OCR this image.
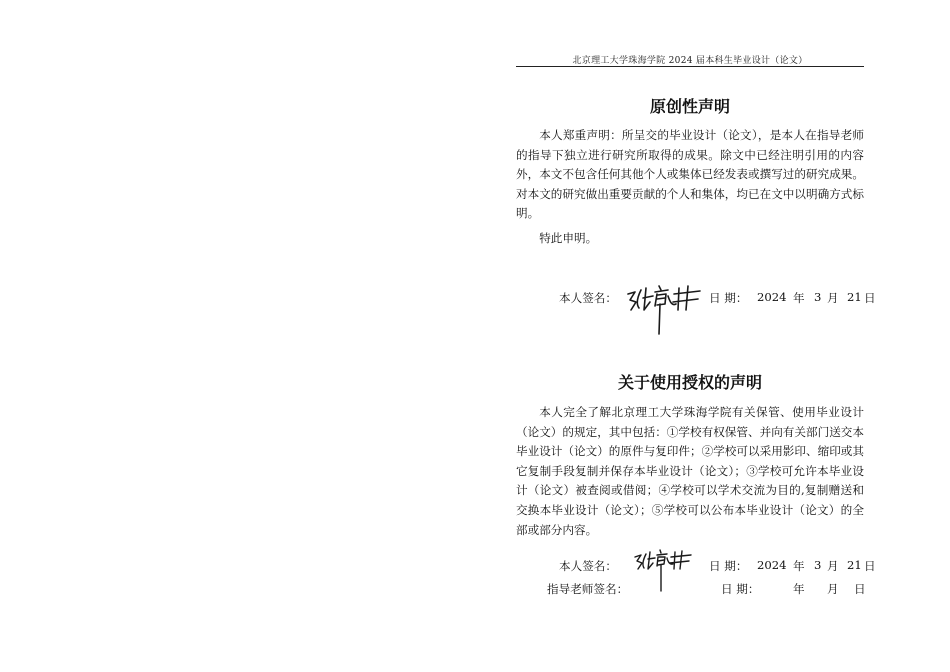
北京理工大学珠海学院 2024 届本科生毕业设计（论文）
原创性声明

本人郑重声明：所呈交的毕业设计（论文），是本人在指导老师的指导下独立进行研究所取得的成果。除文中已经注明引用的内容外，本文不包含任何其他个人或集体已经发表或撰写过的研究成果。对本文的研究做出重要贡献的个人和集体，均已在文中以明确方式标明。

特此申明。

本人签名：	日 期： 2024 年 3 月 21 日
关于使用授权的声明

本人完全了解北京理工大学珠海学院有关保管、使用毕业设计（论文）的规定，其中包括：①学校有权保管、并向有关部门送交本毕业设计（论文）的原件与复印件；②学校可以采用影印、缩印或其它复制手段复制并保存本毕业设计（论文）；③学校可允许本毕业设计（论文）被查阅或借阅；④学校可以学术交流为目的,复制赠送和交换本毕业设计（论文）；⑤学校可以公布本毕业设计（论文）的全部或部分内容。

本人签名：	日 期： 2024 年 3 月 21 日
指导老师签名：	日 期：	年 月 日
